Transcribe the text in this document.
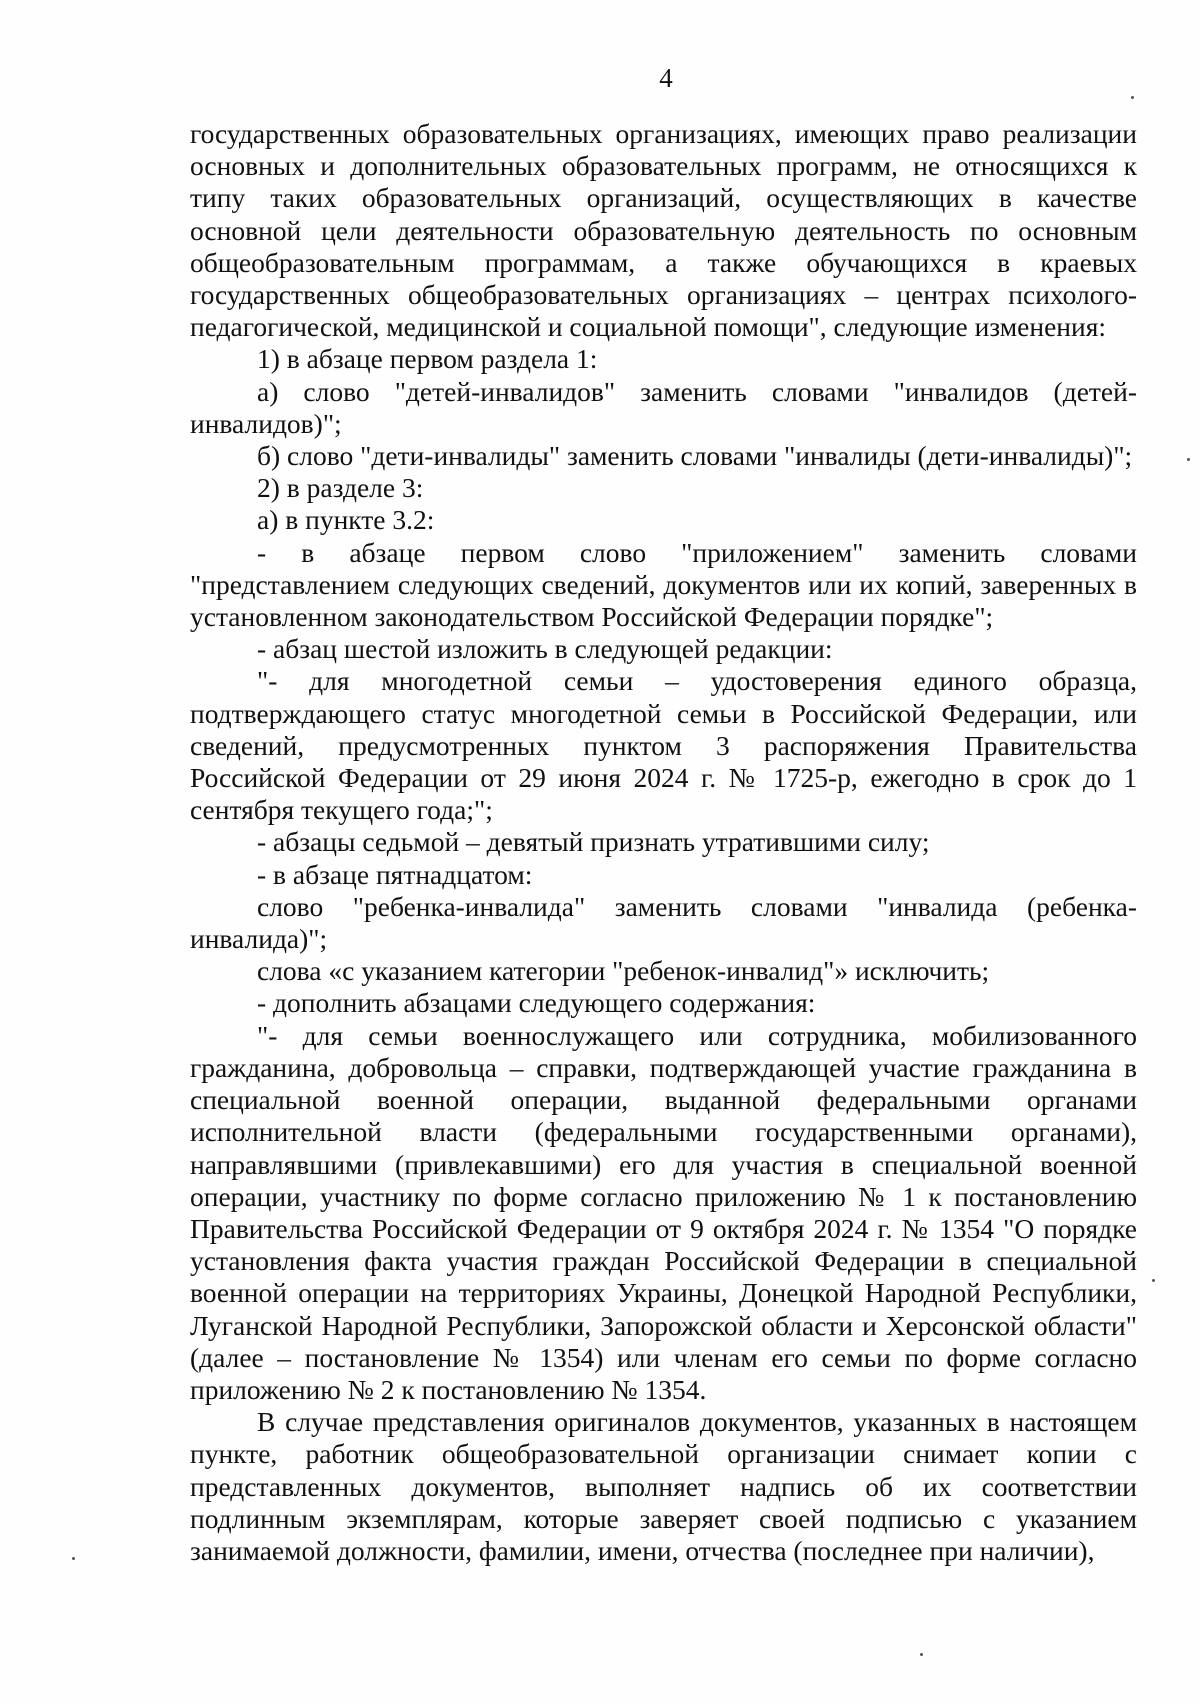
4

государственных образовательных организациях, имеющих право реализации основных и дополнительных образовательных программ, не относящихся к типу таких образовательных организаций, осуществляющих в качестве основной цели деятельности образовательную деятельность по основным общеобразовательным программам, а также обучающихся в краевых государственных общеобразовательных организациях – центрах психолого-педагогической, медицинской и социальной помощи", следующие изменения:

1) в абзаце первом раздела 1:

а) слово "детей-инвалидов" заменить словами "инвалидов (детей-инвалидов)";

б) слово "дети-инвалиды" заменить словами "инвалиды (дети-инвалиды)";

2) в разделе 3:

а) в пункте 3.2:

- в абзаце первом слово "приложением" заменить словами "представлением следующих сведений, документов или их копий, заверенных в установленном законодательством Российской Федерации порядке";

- абзац шестой изложить в следующей редакции:

"- для многодетной семьи – удостоверения единого образца, подтверждающего статус многодетной семьи в Российской Федерации, или сведений, предусмотренных пунктом 3 распоряжения Правительства Российской Федерации от 29 июня 2024 г. № 1725-р, ежегодно в срок до 1 сентября текущего года;";

- абзацы седьмой – девятый признать утратившими силу;

- в абзаце пятнадцатом:

слово "ребенка-инвалида" заменить словами "инвалида (ребенка-инвалида)";

слова «с указанием категории "ребенок-инвалид"» исключить;

- дополнить абзацами следующего содержания:

"- для семьи военнослужащего или сотрудника, мобилизованного гражданина, добровольца – справки, подтверждающей участие гражданина в специальной военной операции, выданной федеральными органами исполнительной власти (федеральными государственными органами), направлявшими (привлекавшими) его для участия в специальной военной операции, участнику по форме согласно приложению № 1 к постановлению Правительства Российской Федерации от 9 октября 2024 г. № 1354 "О порядке установления факта участия граждан Российской Федерации в специальной военной операции на территориях Украины, Донецкой Народной Республики, Луганской Народной Республики, Запорожской области и Херсонской области" (далее – постановление № 1354) или членам его семьи по форме согласно приложению № 2 к постановлению № 1354.

В случае представления оригиналов документов, указанных в настоящем пункте, работник общеобразовательной организации снимает копии с представленных документов, выполняет надпись об их соответствии подлинным экземплярам, которые заверяет своей подписью с указанием занимаемой должности, фамилии, имени, отчества (последнее при наличии),
